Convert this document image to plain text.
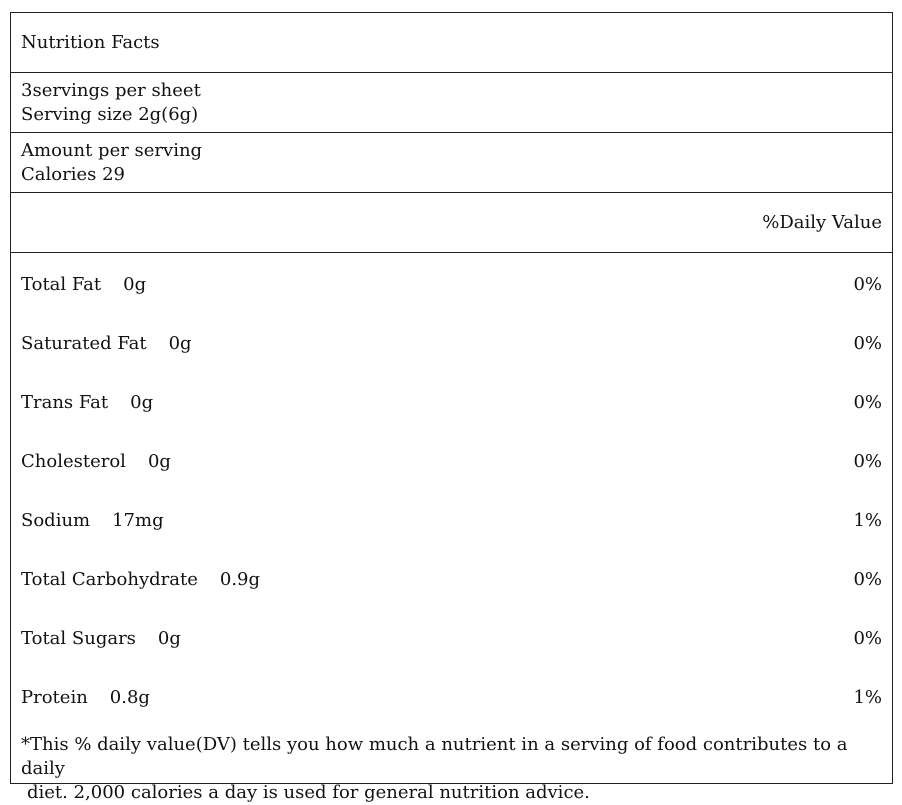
Nutrition Facts
3servings per sheet
Serving size 2g(6g)
Amount per serving
Calories 29
%Daily Value
Total Fat 0g	0%
Saturated Fat 0g	0%
Trans Fat 0g	0%
Cholesterol 0g	0%
Sodium 17mg	1%
Total Carbohydrate 0.9g	0%
Total Sugars 0g	0%
Protein 0.8g	1%
*This % daily value(DV) tells you how much a nutrient in a serving of food contributes to a daily
diet. 2,000 calories a day is used for general nutrition advice.
